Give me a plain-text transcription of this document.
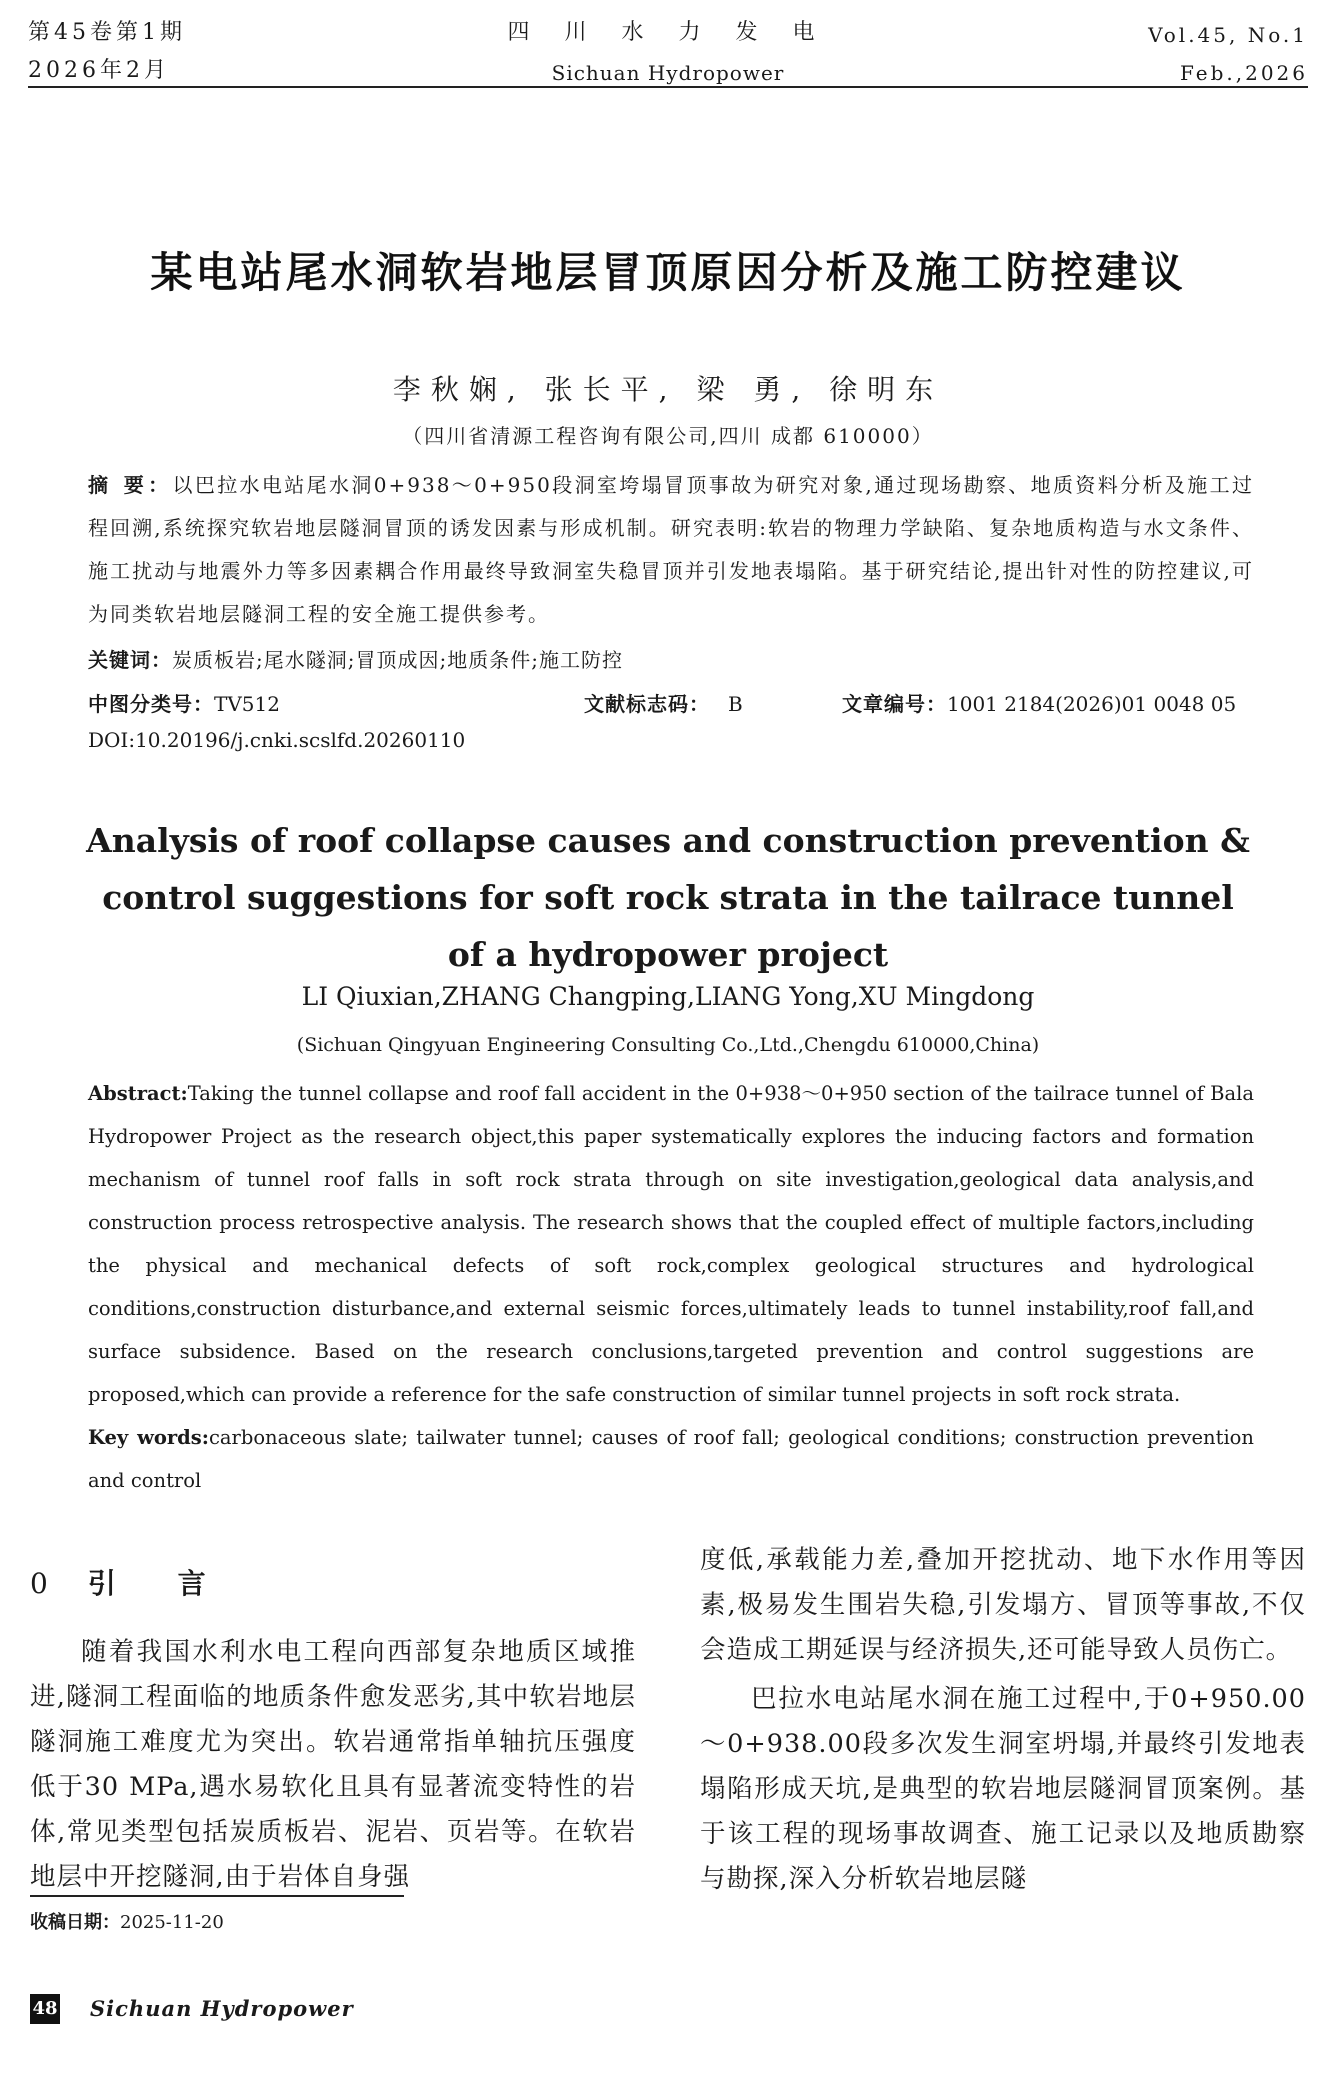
第45卷第1期
2026年2月
四 川 水 力 发 电
Sichuan Hydropower
Vol.45, No.1
Feb.,2026
某电站尾水洞软岩地层冒顶原因分析及施工防控建议
李秋娴, 张长平, 梁 勇, 徐明东
（四川省清源工程咨询有限公司,四川 成都 610000）
摘 要：以巴拉水电站尾水洞0+938～0+950段洞室垮塌冒顶事故为研究对象,通过现场勘察、地质资料分析及施工过程回溯,系统探究软岩地层隧洞冒顶的诱发因素与形成机制。研究表明:软岩的物理力学缺陷、复杂地质构造与水文条件、施工扰动与地震外力等多因素耦合作用最终导致洞室失稳冒顶并引发地表塌陷。基于研究结论,提出针对性的防控建议,可为同类软岩地层隧洞工程的安全施工提供参考。
关键词：炭质板岩;尾水隧洞;冒顶成因;地质条件;施工防控
中图分类号：TV512	文献标志码： B	文章编号：1001 2184(2026)01 0048 05
DOI:10.20196/j.cnki.scslfd.20260110
Analysis of roof collapse causes and construction prevention & control suggestions for soft rock strata in the tailrace tunnel of a hydropower project
LI Qiuxian,ZHANG Changping,LIANG Yong,XU Mingdong
(Sichuan Qingyuan Engineering Consulting Co.,Ltd.,Chengdu 610000,China)
Abstract:Taking the tunnel collapse and roof fall accident in the 0+938～0+950 section of the tailrace tunnel of Bala Hydropower Project as the research object,this paper systematically explores the inducing factors and formation mechanism of tunnel roof falls in soft rock strata through on site investigation,geological data analysis,and construction process retrospective analysis. The research shows that the coupled effect of multiple factors,including the physical and mechanical defects of soft rock,complex geological structures and hydrological conditions,construction disturbance,and external seismic forces,ultimately leads to tunnel instability,roof fall,and surface subsidence. Based on the research conclusions,targeted prevention and control suggestions are proposed,which can provide a reference for the safe construction of similar tunnel projects in soft rock strata.
Key words:carbonaceous slate; tailwater tunnel; causes of roof fall; geological conditions; construction prevention and control
0 引 言
随着我国水利水电工程向西部复杂地质区域推进,隧洞工程面临的地质条件愈发恶劣,其中软岩地层隧洞施工难度尤为突出。软岩通常指单轴抗压强度低于30 MPa,遇水易软化且具有显著流变特性的岩体,常见类型包括炭质板岩、泥岩、页岩等。在软岩地层中开挖隧洞,由于岩体自身强

度低,承载能力差,叠加开挖扰动、地下水作用等因素,极易发生围岩失稳,引发塌方、冒顶等事故,不仅会造成工期延误与经济损失,还可能导致人员伤亡。

巴拉水电站尾水洞在施工过程中,于0+950.00～0+938.00段多次发生洞室坍塌,并最终引发地表塌陷形成天坑,是典型的软岩地层隧洞冒顶案例。基于该工程的现场事故调查、施工记录以及地质勘察与勘探,深入分析软岩地层隧

收稿日期：2025-11-20
48 Sichuan Hydropower
